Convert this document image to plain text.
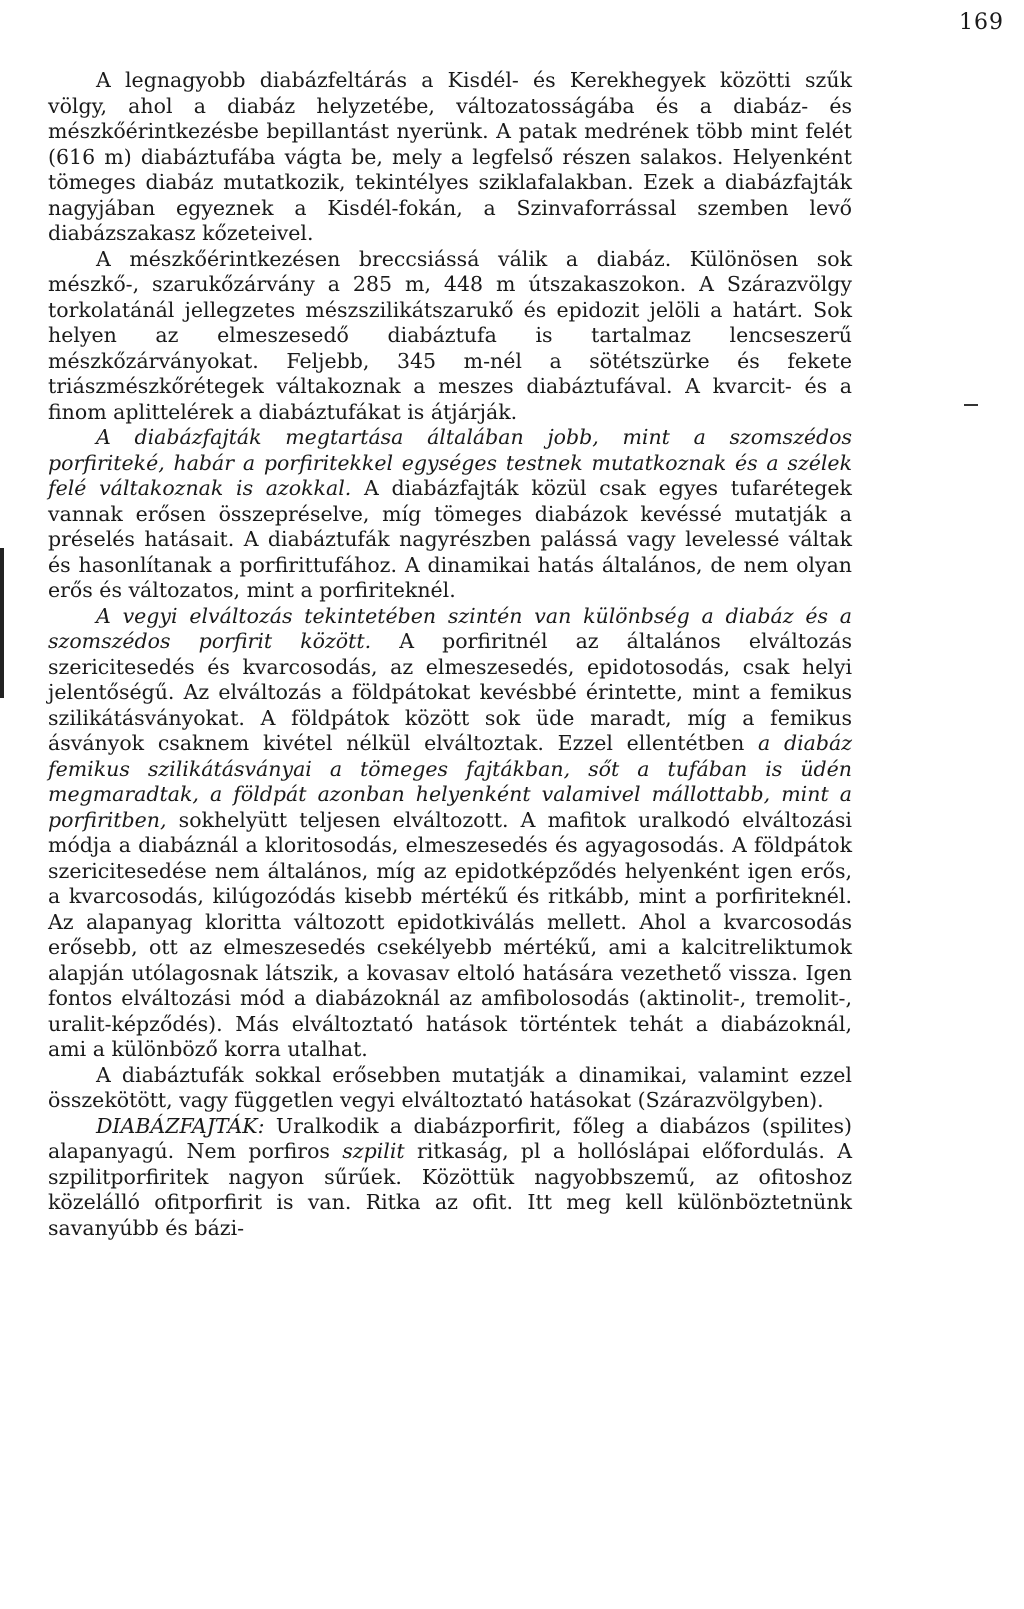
169

A legnagyobb diabázfeltárás a Kisdél- és Kerekhegyek közötti szűk völgy, ahol a diabáz helyzetébe, változatosságába és a diabáz- és mészkőérintkezésbe bepillantást nyerünk. A patak medrének több mint felét (616 m) diabáztufába vágta be, mely a legfelső részen salakos. Helyenként tömeges diabáz mutatkozik, tekintélyes sziklafalakban. Ezek a diabázfajták nagyjában egyeznek a Kisdél-fokán, a Szinvaforrással szemben levő diabázszakasz kőzeteivel.

A mészkőérintkezésen breccsiássá válik a diabáz. Különösen sok mészkő-, szarukőzárvány a 285 m, 448 m útszakaszokon. A Szárazvölgy torkolatánál jellegzetes mészszilikátszarukő és epidozit jelöli a határt. Sok helyen az elmeszesedő diabáztufa is tartalmaz lencseszerű mészkőzárványokat. Feljebb, 345 m-nél a sötétszürke és fekete triászmészkőrétegek váltakoznak a meszes diabáztufával. A kvarcit- és a finom aplittelérek a diabáztufákat is átjárják.

A diabázfajták megtartása általában jobb, mint a szomszédos porfiriteké, habár a porfiritekkel egységes testnek mutatkoznak és a szélek felé váltakoznak is azokkal. A diabázfajták közül csak egyes tufarétegek vannak erősen összepréselve, míg tömeges diabázok kevéssé mutatják a préselés hatásait. A diabáztufák nagyrészben palássá vagy levelessé váltak és hasonlítanak a porfirittufához. A dinamikai hatás általános, de nem olyan erős és változatos, mint a porfiriteknél.

A vegyi elváltozás tekintetében szintén van különbség a diabáz és a szomszédos porfirit között. A porfiritnél az általános elváltozás szericitesedés és kvarcosodás, az elmeszesedés, epidotosodás, csak helyi jelentőségű. Az elváltozás a földpátokat kevésbbé érintette, mint a femikus szilikátásványokat. A földpátok között sok üde maradt, míg a femikus ásványok csaknem kivétel nélkül elváltoztak. Ezzel ellentétben a diabáz femikus szilikátásványai a tömeges fajtákban, sőt a tufában is üdén megmaradtak, a földpát azonban helyenként valamivel mállottabb, mint a porfiritben, sokhelyütt teljesen elváltozott. A mafitok uralkodó elváltozási módja a diabáznál a kloritosodás, elmeszesedés és agyagosodás. A földpátok szericitesedése nem általános, míg az epidotképződés helyenként igen erős, a kvarcosodás, kilúgozódás kisebb mértékű és ritkább, mint a porfiriteknél. Az alapanyag kloritta változott epidotkiválás mellett. Ahol a kvarcosodás erősebb, ott az elmeszesedés csekélyebb mértékű, ami a kalcitreliktumok alapján utólagosnak látszik, a kovasav eltoló hatására vezethető vissza. Igen fontos elváltozási mód a diabázoknál az amfibolosodás (aktinolit-, tremolit-, uralit-képződés). Más elváltoztató hatások történtek tehát a diabázoknál, ami a különböző korra utalhat.

A diabáztufák sokkal erősebben mutatják a dinamikai, valamint ezzel összekötött, vagy független vegyi elváltoztató hatásokat (Szárazvölgyben).

DIABÁZFAJTÁK: Uralkodik a diabázporfirit, főleg a diabázos (spilites) alapanyagú. Nem porfiros szpilit ritkaság, pl a hollóslápai előfordulás. A szpilitporfiritek nagyon sűrűek. Közöttük nagyobbszemű, az ofitoshoz közelálló ofitporfirit is van. Ritka az ofit. Itt meg kell különböztetnünk savanyúbb és bázi-
